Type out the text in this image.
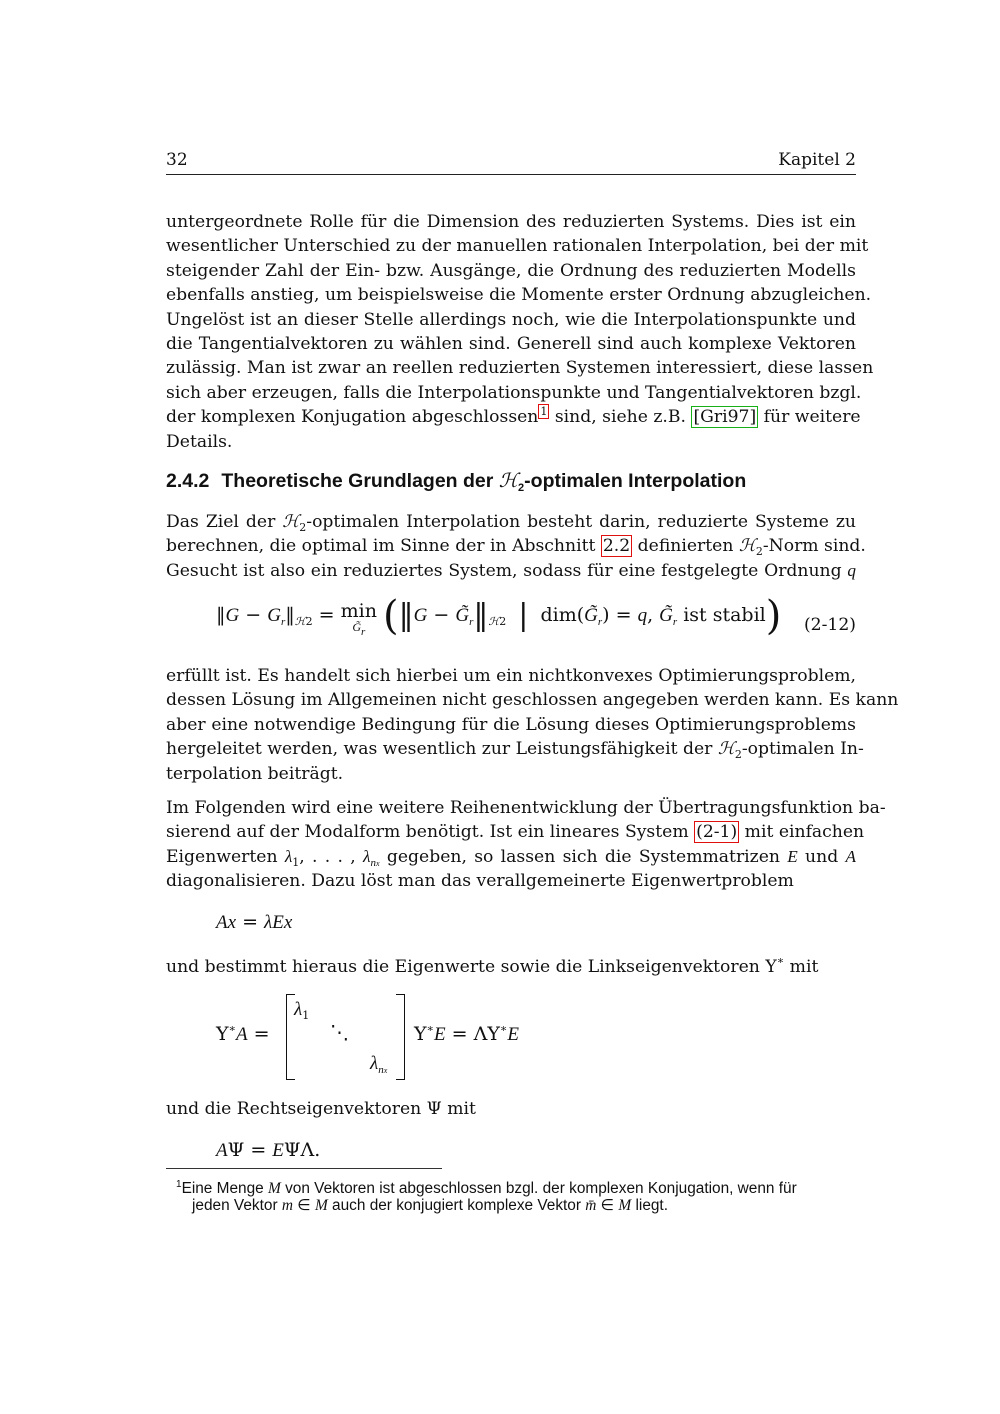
32	Kapitel 2
untergeordnete Rolle für die Dimension des reduzierten Systems. Dies ist ein
wesentlicher Unterschied zu der manuellen rationalen Interpolation, bei der mit
steigender Zahl der Ein- bzw. Ausgänge, die Ordnung des reduzierten Modells
ebenfalls anstieg, um beispielsweise die Momente erster Ordnung abzugleichen.
Ungelöst ist an dieser Stelle allerdings noch, wie die Interpolationspunkte und
die Tangentialvektoren zu wählen sind. Generell sind auch komplexe Vektoren
zulässig. Man ist zwar an reellen reduzierten Systemen interessiert, diese lassen
sich aber erzeugen, falls die Interpolationspunkte und Tangentialvektoren bzgl.
der komplexen Konjugation abgeschlossen $^1$ sind, siehe z.B. [Gri97] für weitere
Details.
2.4.2 Theoretische Grundlagen der ℋ$_2$-optimalen Interpolation
Das Ziel der ℋ$_2$-optimalen Interpolation besteht darin, reduzierte Systeme zu
berechnen, die optimal im Sinne der in Abschnitt 2.2 definierten ℋ$_2$-Norm sind.
Gesucht ist also ein reduziertes System, sodass für eine festgelegte Ordnung q
‖G − $G_r‖_{ℋ2} = \min$
$G̃_r$ (‖G − $G̃_r‖_{ℋ2}$ | $dim(G̃_r) = q$, $G̃_r$ ist stabil) (2-12)
erfüllt ist. Es handelt sich hierbei um ein nichtkonvexes Optimierungsproblem,
dessen Lösung im Allgemeinen nicht geschlossen angegeben werden kann. Es kann
aber eine notwendige Bedingung für die Lösung dieses Optimierungsproblems
hergeleitet werden, was wesentlich zur Leistungsfähigkeit der ℋ$_2$-optimalen In-
terpolation beiträgt.
Im Folgenden wird eine weitere Reihenentwicklung der Übertragungsfunktion ba-
sierend auf der Modalform benötigt. Ist ein lineares System (2-1) mit einfachen
Eigenwerten $\lambda_1$, . . . , $\lambda_{nx}$ gegeben, so lassen sich die Systemmatrizen E und A
diagonalisieren. Dazu löst man das verallgemeinerte Eigenwertproblem
Ax = λEx
und bestimmt hieraus die Eigenwerte sowie die Linkseigenvektoren Υ∗ mit
Υ∗A =
$\lambda_1$
⋱
$\lambda_{nx}$
Υ∗E = ΛΥ∗E
und die Rechtseigenvektoren Ψ mit
AΨ = EΨΛ.
$^1$Eine Menge M von Vektoren ist abgeschlossen bzgl. der komplexen Konjugation, wenn für
jeden Vektor m ∈ M auch der konjugiert komplexe Vektor m̄ ∈ M liegt.
